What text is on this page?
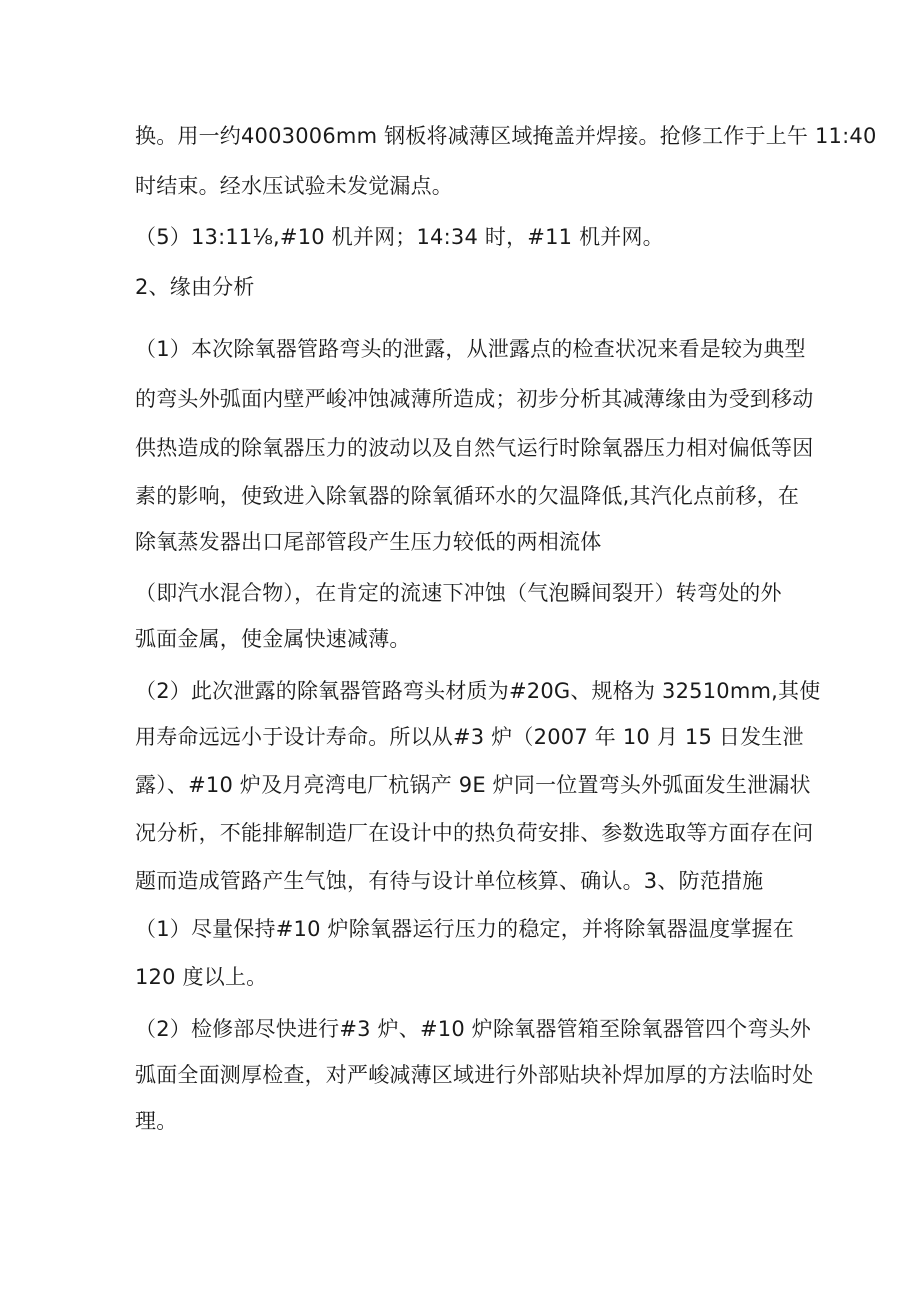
换。用一约4003006mm 钢板将减薄区域掩盖并焊接。抢修工作于上午 11:40
时结束。经水压试验未发觉漏点。
（5）13:11⅛,#10 机并网；14:34 时，#11 机并网。
2、缘由分析
（1）本次除氧器管路弯头的泄露，从泄露点的检查状况来看是较为典型
的弯头外弧面内壁严峻冲蚀减薄所造成；初步分析其减薄缘由为受到移动
供热造成的除氧器压力的波动以及自然气运行时除氧器压力相对偏低等因
素的影响，使致进入除氧器的除氧循环水的欠温降低,其汽化点前移，在
除氧蒸发器出口尾部管段产生压力较低的两相流体
（即汽水混合物），在肯定的流速下冲蚀（气泡瞬间裂开）转弯处的外
弧面金属，使金属快速减薄。
（2）此次泄露的除氧器管路弯头材质为#20G、规格为 32510mm,其使
用寿命远远小于设计寿命。所以从#3 炉（2007 年 10 月 15 日发生泄
露）、#10 炉及月亮湾电厂杭锅产 9E 炉同一位置弯头外弧面发生泄漏状
况分析，不能排解制造厂在设计中的热负荷安排、参数选取等方面存在问
题而造成管路产生气蚀，有待与设计单位核算、确认。3、防范措施
（1）尽量保持#10 炉除氧器运行压力的稳定，并将除氧器温度掌握在
120 度以上。
（2）检修部尽快进行#3 炉、#10 炉除氧器管箱至除氧器管四个弯头外
弧面全面测厚检查，对严峻减薄区域进行外部贴块补焊加厚的方法临时处
理。
